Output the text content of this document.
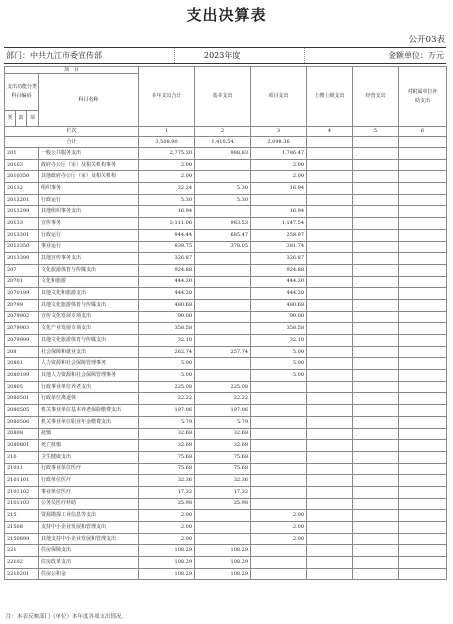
支出决算表
公开03表
部门：中共九江市委宣传部	2023年度	金额单位：万元
项　目				本年支出合计	基本支出	项目支出	上缴上级支出	经营支出	对附属单位补
助支出

支出功能分类
科目编码			科目名称						
类	款	项							
栏次				1	2	3	4	5	6
合计				3,508.90	1,410.54	2,098.36			
201			一般公共服务支出	2,775.30	988.83	1,786.47			
20103			政府办公厅（室）及相关机构事务	2.00		2.00			
2010350			其他政府办公厅（室）及相关机构	2.00		2.00			
20132			组织事务	22.24	5.30	16.94			
2013201			行政运行	5.30	5.30				
2013299			其他组织事务支出	16.94		16.94			
20133			宣传事务	2,111.06	983.53	1,147.54			
2013301			行政运行	944.44	685.47	258.97			
2013350			事业运行	839.75	378.05	381.74			
2013399			其他宣传事务支出	326.87		326.87			
207			文化旅游体育与传媒支出	924.88		924.88			
20701			文化和旅游	444.20		444.20			
2070199			其他文化和旅游支出	444.20		444.20			
20799			其他文化旅游体育与传媒支出	480.68		480.68			
2079902			宣传文化发展专项支出	90.00		90.00			
2079903			文化产业发展专项支出	358.58		358.58			
2079999			其他文化旅游体育与传媒支出	32.10		32.10			
208			社会保障和就业支出	262.74	257.74	5.00			
20801			人力资源和社会保障管理事务	5.00		5.00			
2080199			其他人力资源和社会保障管理事务	5.00		5.00			
20805			行政事业单位养老支出	225.08	225.08				
2080501			行政单位离退休	22.22	22.22				
2080505			机关事业单位基本养老保险缴费支出	197.06	197.06				
2080506			机关事业单位职业年金缴费支出	5.79	5.79				
20808			抚恤	32.68	32.68				
2080801			死亡抚恤	32.68	32.68				
210			卫生健康支出	75.68	75.68				
21011			行政事业单位医疗	75.68	75.68				
2101101			行政单位医疗	32.36	32.36				
2101102			事业单位医疗	17.32	17.32				
2101103			公务员医疗补助	25.98	25.98				
215			资源勘探工业信息等支出	2.00		2.00			
21508			支持中小企业发展和管理支出	2.00		2.00			
2150899			其他支持中小企业发展和管理支出	2.00		2.00			
221			住房保障支出	108.29	108.29				
22102			住房改革支出	108.29	108.29				
2210201			住房公积金	108.29	108.29				
注：本表反映部门（单位）本年度各项支出情况。
